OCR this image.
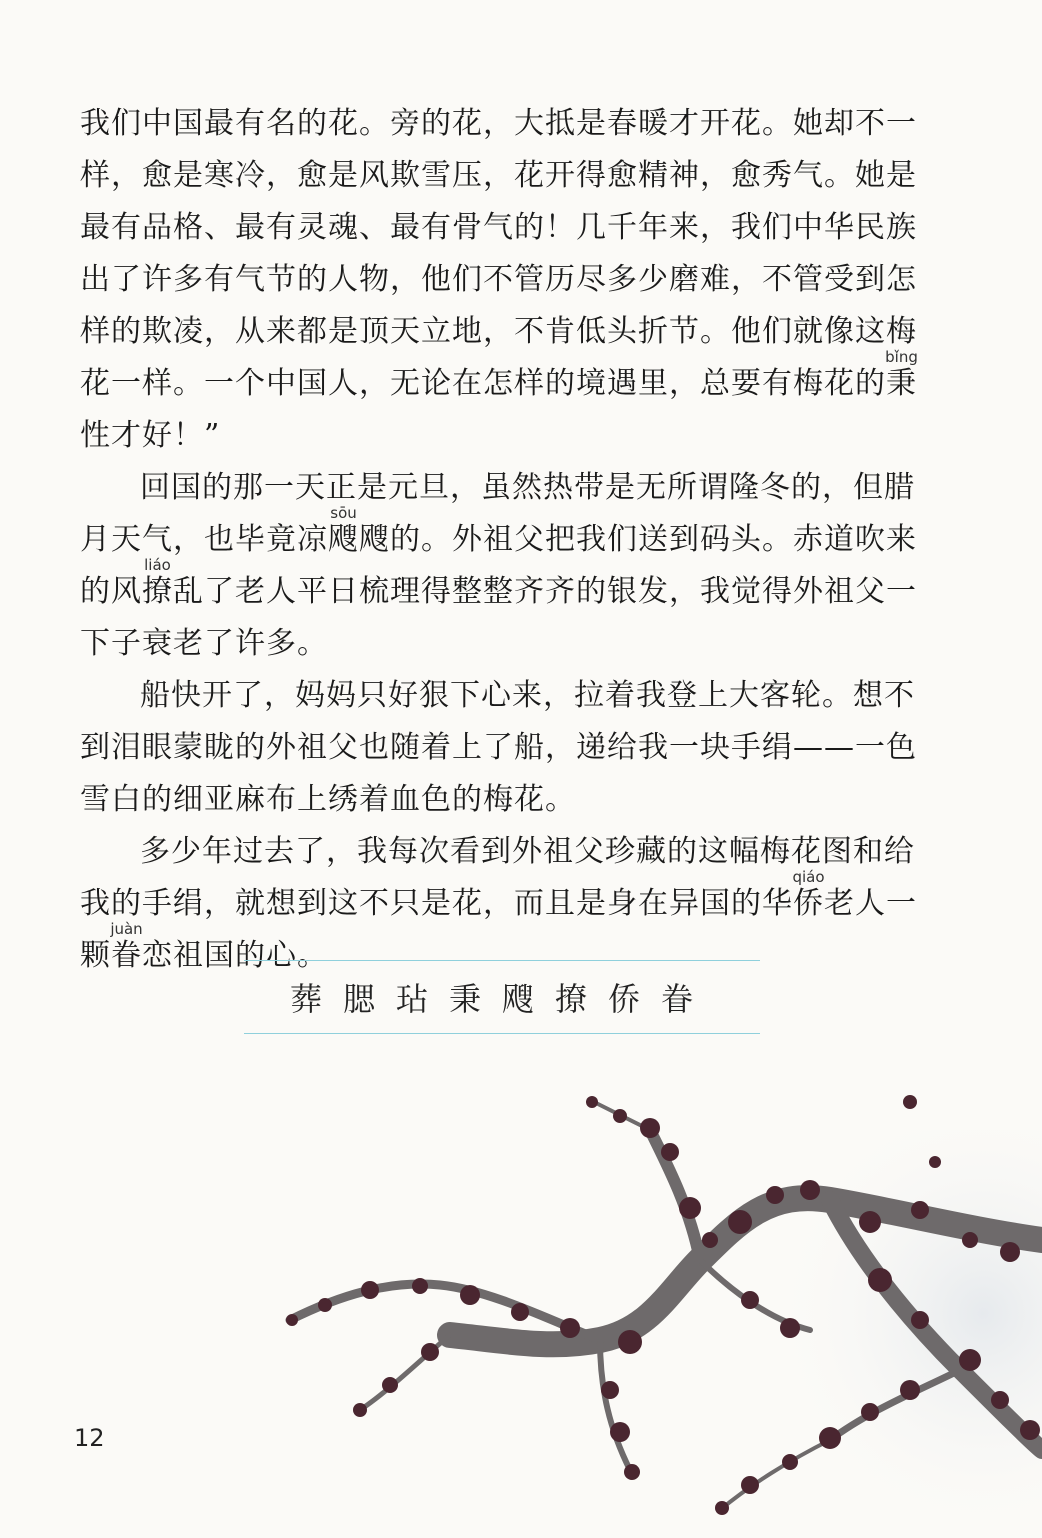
我们中国最有名的花。旁的花，大抵是春暖才开花。她却不一样，愈是寒冷，愈是风欺雪压，花开得愈精神，愈秀气。她是最有品格、最有灵魂、最有骨气的！几千年来，我们中华民族出了许多有气节的人物，他们不管历尽多少磨难，不管受到怎样的欺凌，从来都是顶天立地，不肯低头折节。他们就像这梅花一样。一个中国人，无论在怎样的境遇里，总要有梅花的秉bǐng性才好！”

回国的那一天正是元旦，虽然热带是无所谓隆冬的，但腊月天气，也毕竟凉飕sōu飕的。外祖父把我们送到码头。赤道吹来的风撩liáo乱了老人平日梳理得整整齐齐的银发，我觉得外祖父一下子衰老了许多。

船快开了，妈妈只好狠下心来，拉着我登上大客轮。想不到泪眼蒙眬的外祖父也随着上了船，递给我一块手绢——一色雪白的细亚麻布上绣着血色的梅花。

多少年过去了，我每次看到外祖父珍藏的这幅梅花图和给我的手绢，就想到这不只是花，而且是身在异国的华侨qiáo老人一颗眷juàn恋祖国的心。

葬腮玷秉飕撩侨眷
12
